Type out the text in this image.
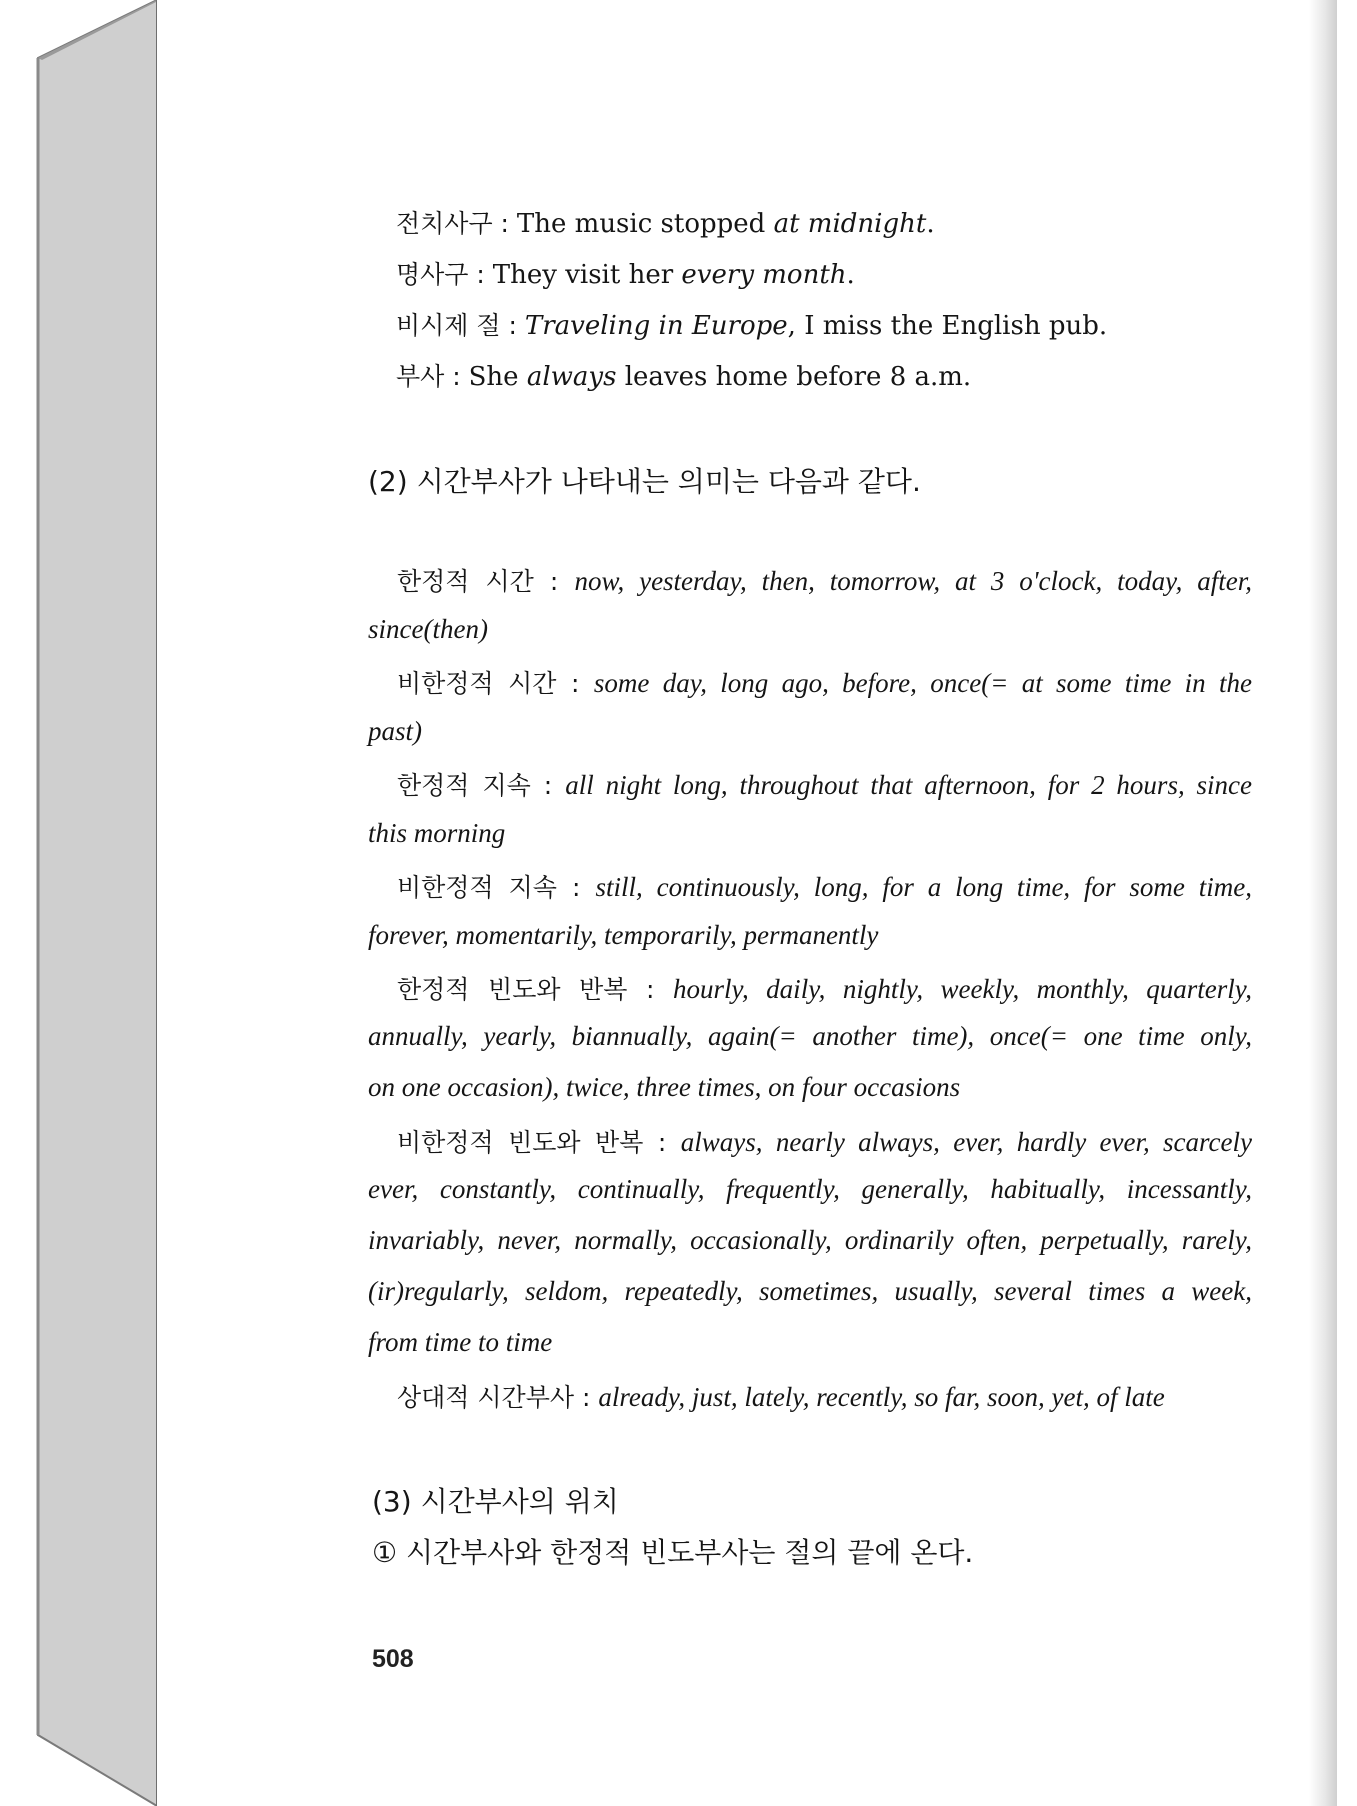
전치사구 : The music stopped at midnight.
명사구 : They visit her every month.
비시제 절 : Traveling in Europe, I miss the English pub.
부사 : She always leaves home before 8 a.m.
(2) 시간부사가 나타내는 의미는 다음과 같다.
한정적 시간 : now, yesterday, then, tomorrow, at 3 o'clock, today, after,
since(then)
비한정적 시간 : some day, long ago, before, once(= at some time in the
past)
한정적 지속 : all night long, throughout that afternoon, for 2 hours, since
this morning
비한정적 지속 : still, continuously, long, for a long time, for some time,
forever, momentarily, temporarily, permanently
한정적 빈도와 반복 : hourly, daily, nightly, weekly, monthly, quarterly,
annually, yearly, biannually, again(= another time), once(= one time only,
on one occasion), twice, three times, on four occasions
비한정적 빈도와 반복 : always, nearly always, ever, hardly ever, scarcely
ever, constantly, continually, frequently, generally, habitually, incessantly,
invariably, never, normally, occasionally, ordinarily often, perpetually, rarely,
(ir)regularly, seldom, repeatedly, sometimes, usually, several times a week,
from time to time
상대적 시간부사 : already, just, lately, recently, so far, soon, yet, of late
(3) 시간부사의 위치
① 시간부사와 한정적 빈도부사는 절의 끝에 온다.
508
